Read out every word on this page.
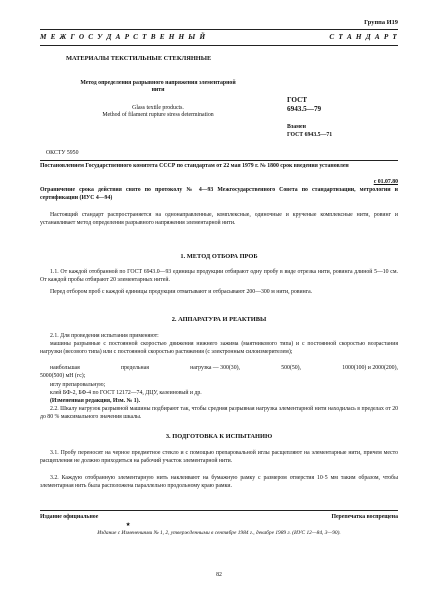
Группа И19
М Е Ж Г О С У Д А Р С Т В Е Н Н Ы Й	С Т А Н Д А Р Т
МАТЕРИАЛЫ ТЕКСТИЛЬНЫЕ СТЕКЛЯННЫЕ
Метод определения разрывного напряжения элементарной
нити
Glass textile products.
Method of filament rupture stress determination
ГОСТ
6943.5—79
Взамен
ГОСТ 6943.5—71
ОКСТУ 5950
Постановлением Государственного комитета СССР по стандартам от 22 мая 1979 г. № 1800 срок введения установлен
с 01.07.80
Ограничение срока действия снято по протоколу № 4—93 Межгосударственного Совета по стандартизации, метрологии и сертификации (ИУС 4—94)
Настоящий стандарт распространяется на однонаправленные, комплексные, одиночные и крученые комплексные нити, ровинг и устанавливает метод определения разрывного напряжения элементарной нити.
1. МЕТОД ОТБОРА ПРОБ
1.1. От каждой отобранной по ГОСТ 6943.0—93 единицы продукции отбирают одну пробу в виде отрезка нити, ровинга длиной 5—10 см. От каждой пробы отбирают 20 элементарных нитей.
Перед отбором проб с каждой единицы продукции отматывают и отбрасывают 200—300 м нити, ровинга.
2. АППАРАТУРА И РЕАКТИВЫ
2.1. Для проведения испытания применяют:
машины разрывные с постоянной скоростью движения нижнего зажима (маятникового типа) и с постоянной скоростью возрастания нагрузки (весового типа) или с постоянной скоростью растяжения (с электронным силоизмерителем);
наибольшая	предельная	нагрузка — 300(30),	500(50),	1000(100) и 2000(200),
5000(500) мН (гс);
иглу препаровальную;
клей БФ-2, БФ-4 по ГОСТ 12172—74, ДЦУ, казеиновый и др.
(Измененная редакция, Изм. № 1).
2.2. Шкалу нагрузок разрывной машины подбирают так, чтобы средняя разрывная нагрузка элементарной нити находилась в пределах от 20 до 80 % максимального значения шкалы.
3. ПОДГОТОВКА К ИСПЫТАНИЮ
3.1. Пробу переносят на черное предметное стекло и с помощью препаровальной иглы расщепляют на элементарные нити, причем место расщепления не должно приходиться на рабочий участок элементарной нити.
3.2. Каждую отобранную элементарную нить наклеивают на бумажную рамку с размером отверстия 10·5 мм таким образом, чтобы элементарная нить была расположена параллельно продольному краю рамки.
Издание официальное	Перепечатка воспрещена
★
Издание с Изменениями № 1, 2, утвержденными в сентябре 1984 г., декабре 1989 г. (ИУС 12—84, 3—90).
82
